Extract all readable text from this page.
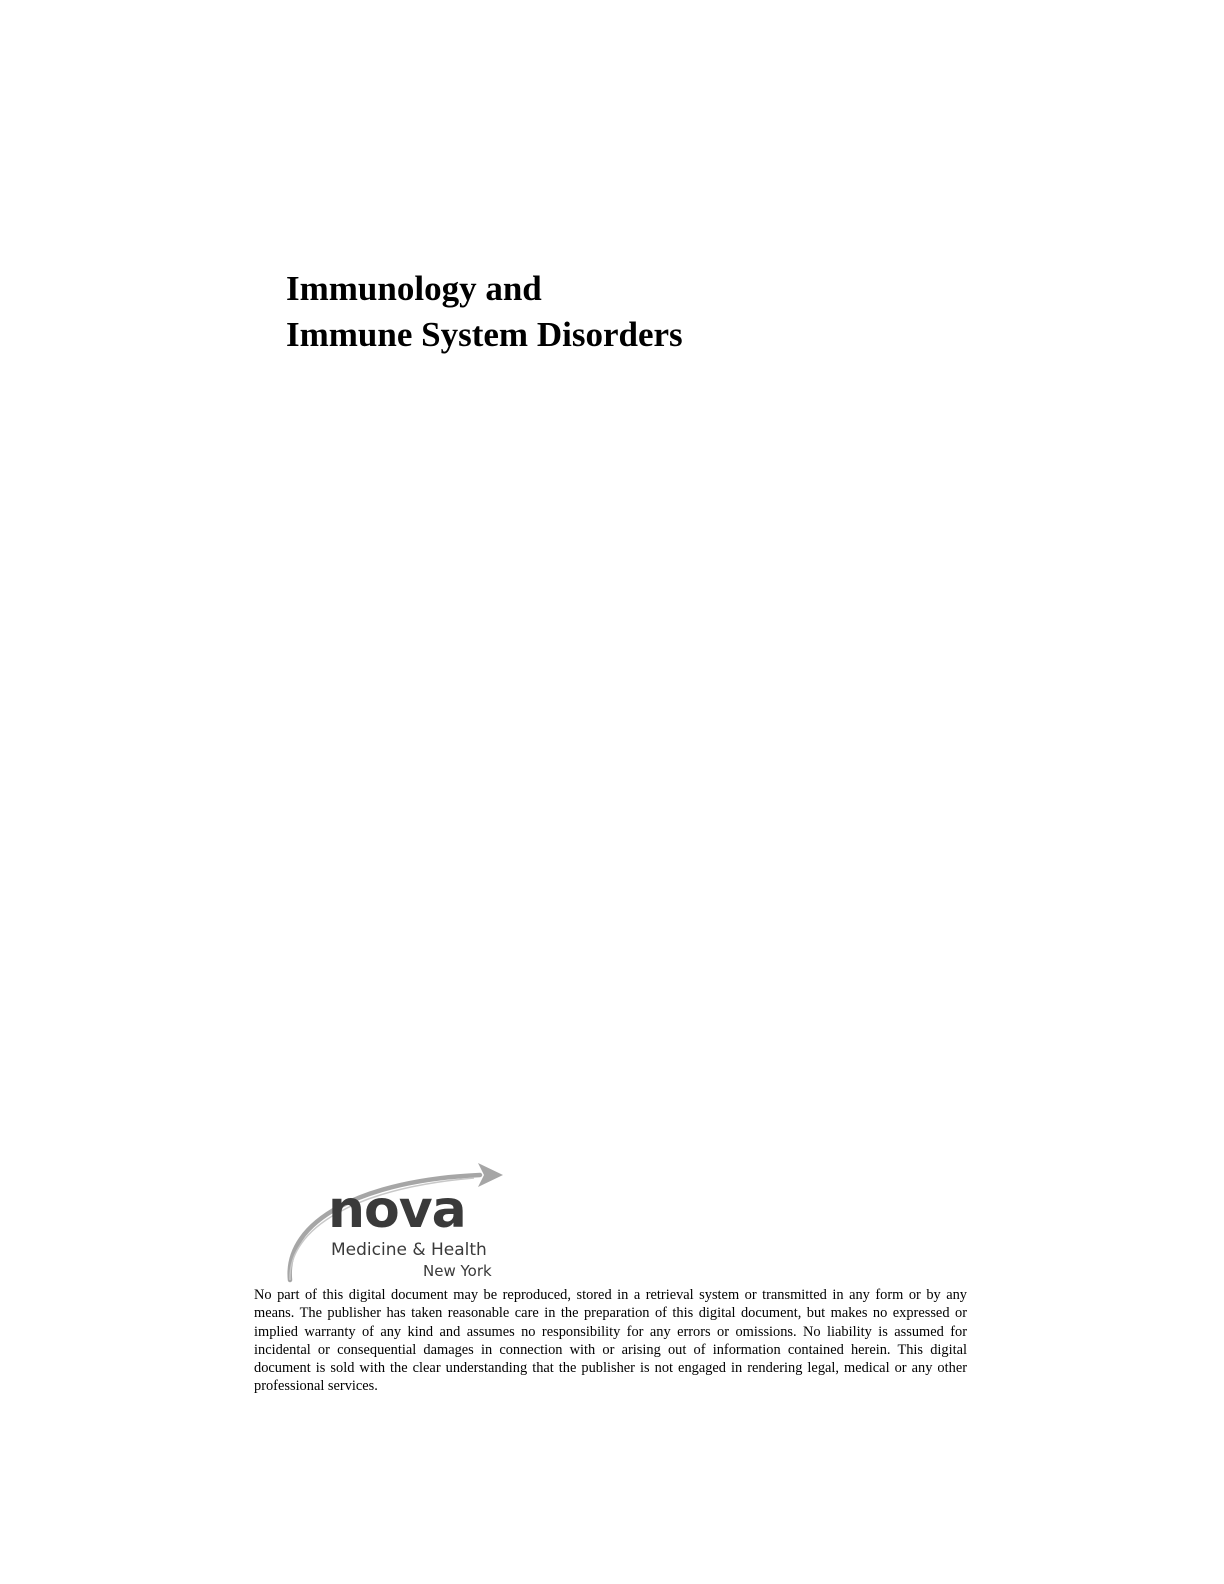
Immunology and
Immune System Disorders
nova
Medicine & Health
New York

No part of this digital document may be reproduced, stored in a retrieval system or transmitted in any form or by any means. The publisher has taken reasonable care in the preparation of this digital document, but makes no expressed or implied warranty of any kind and assumes no responsibility for any errors or omissions. No liability is assumed for incidental or consequential damages in connection with or arising out of information contained herein. This digital document is sold with the clear understanding that the publisher is not engaged in rendering legal, medical or any other professional services.
